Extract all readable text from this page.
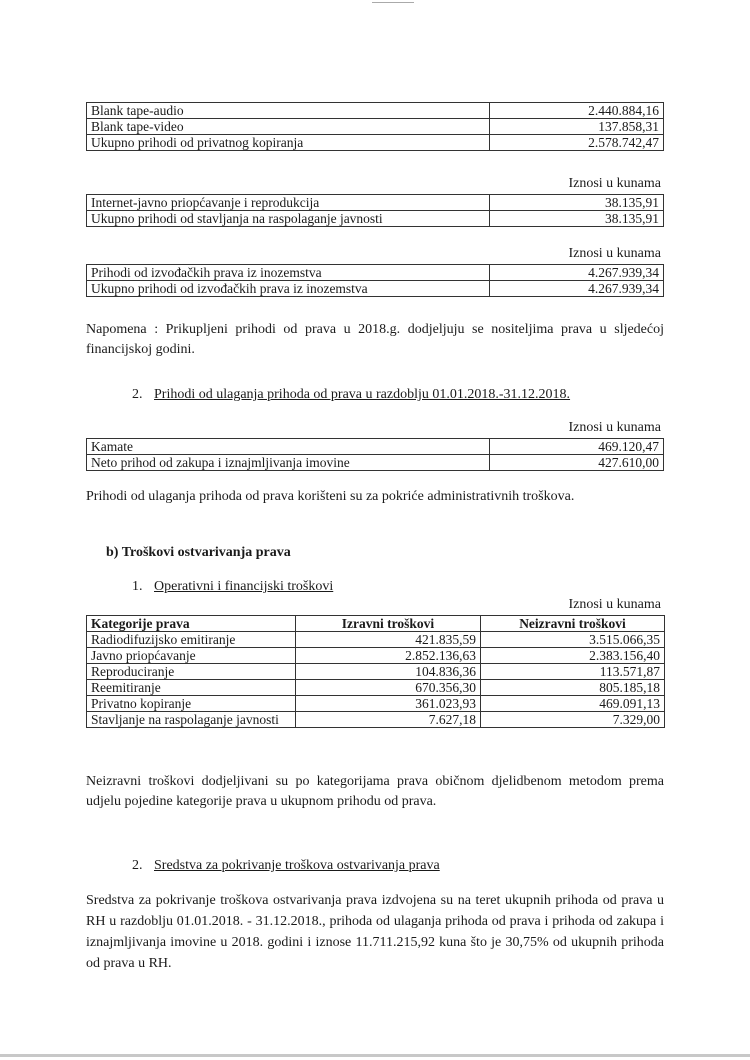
Blank tape-audio	2.440.884,16
Blank tape-video	137.858,31
Ukupno prihodi od privatnog kopiranja	2.578.742,47
Iznosi u kunama
Internet-javno priopćavanje i reprodukcija	38.135,91
Ukupno prihodi od stavljanja na raspolaganje javnosti	38.135,91
Iznosi u kunama
Prihodi od izvođačkih prava iz inozemstva	4.267.939,34
Ukupno prihodi od izvođačkih prava iz inozemstva	4.267.939,34
Napomena : Prikupljeni prihodi od prava u 2018.g. dodjeljuju se nositeljima prava u sljedećoj financijskoj godini.
2. Prihodi od ulaganja prihoda od prava u razdoblju 01.01.2018.-31.12.2018.
Iznosi u kunama
Kamate	469.120,47
Neto prihod od zakupa i iznajmljivanja imovine	427.610,00
Prihodi od ulaganja prihoda od prava korišteni su za pokriće administrativnih troškova.
b) Troškovi ostvarivanja prava
1. Operativni i financijski troškovi
Iznosi u kunama
Kategorije prava	Izravni troškovi	Neizravni troškovi
Radiodifuzijsko emitiranje	421.835,59	3.515.066,35
Javno priopćavanje	2.852.136,63	2.383.156,40
Reproduciranje	104.836,36	113.571,87
Reemitiranje	670.356,30	805.185,18
Privatno kopiranje	361.023,93	469.091,13
Stavljanje na raspolaganje javnosti	7.627,18	7.329,00
Neizravni troškovi dodjeljivani su po kategorijama prava običnom djelidbenom metodom prema udjelu pojedine kategorije prava u ukupnom prihodu od prava.
2. Sredstva za pokrivanje troškova ostvarivanja prava
Sredstva za pokrivanje troškova ostvarivanja prava izdvojena su na teret ukupnih prihoda od prava u RH u razdoblju 01.01.2018. - 31.12.2018., prihoda od ulaganja prihoda od prava i prihoda od zakupa i iznajmljivanja imovine u 2018. godini i iznose 11.711.215,92 kuna što je 30,75% od ukupnih prihoda od prava u RH.
